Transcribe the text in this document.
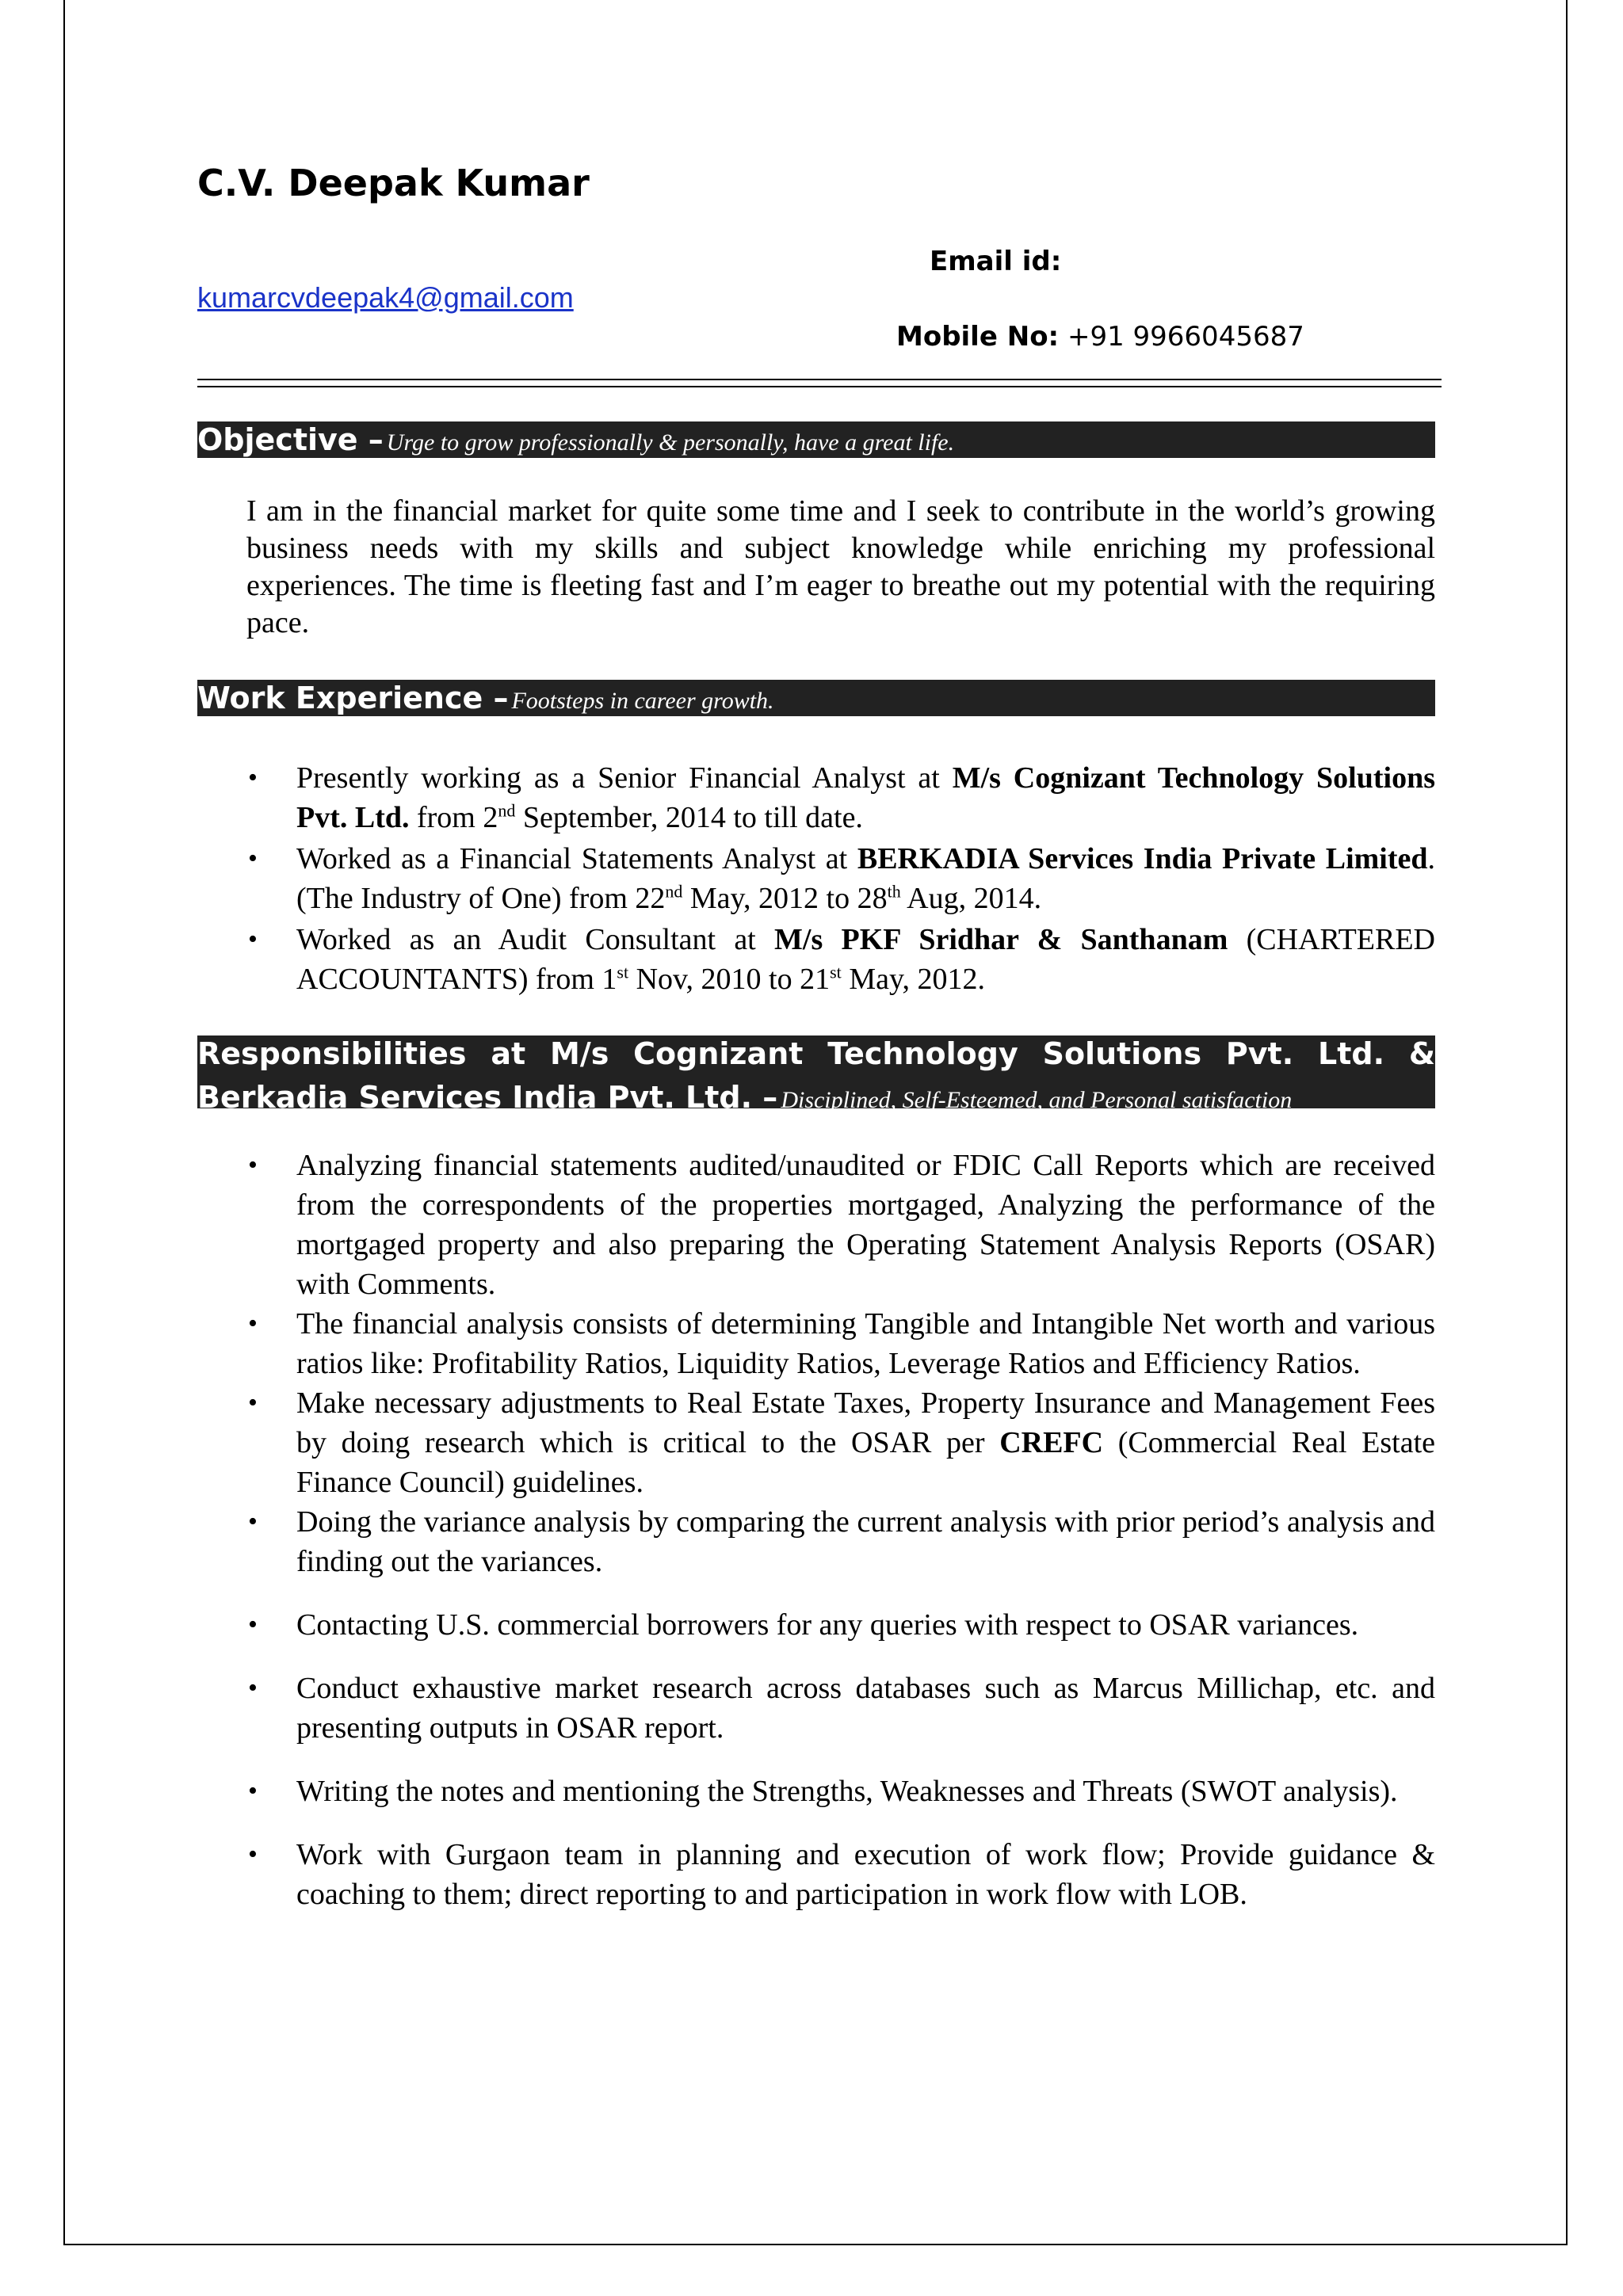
C.V. Deepak Kumar
Email id:
kumarcvdeepak4@gmail.com
Mobile No: +91 9966045687
Objective – Urge to grow professionally & personally, have a great life.
I am in the financial market for quite some time and I seek to contribute in the world’s growing business needs with my skills and subject knowledge while enriching my professional experiences. The time is fleeting fast and I’m eager to breathe out my potential with the requiring pace.
Work Experience – Footsteps in career growth.
• Presently working as a Senior Financial Analyst at M/s Cognizant Technology Solutions Pvt. Ltd. from 2nd September, 2014 to till date.
• Worked as a Financial Statements Analyst at BERKADIA Services India Private Limited. (The Industry of One) from 22nd May, 2012 to 28th Aug, 2014.
• Worked as an Audit Consultant at M/s PKF Sridhar & Santhanam (CHARTERED ACCOUNTANTS) from 1st Nov, 2010 to 21st May, 2012.
Responsibilities at M/s Cognizant Technology Solutions Pvt. Ltd. & Berkadia Services India Pvt. Ltd. – Disciplined, Self-Esteemed, and Personal satisfaction
• Analyzing financial statements audited/unaudited or FDIC Call Reports which are received from the correspondents of the properties mortgaged, Analyzing the performance of the mortgaged property and also preparing the Operating Statement Analysis Reports (OSAR) with Comments.
• The financial analysis consists of determining Tangible and Intangible Net worth and various ratios like: Profitability Ratios, Liquidity Ratios, Leverage Ratios and Efficiency Ratios.
• Make necessary adjustments to Real Estate Taxes, Property Insurance and Management Fees by doing research which is critical to the OSAR per CREFC (Commercial Real Estate Finance Council) guidelines.
• Doing the variance analysis by comparing the current analysis with prior period’s analysis and finding out the variances.
• Contacting U.S. commercial borrowers for any queries with respect to OSAR variances.
• Conduct exhaustive market research across databases such as Marcus Millichap, etc. and presenting outputs in OSAR report.
• Writing the notes and mentioning the Strengths, Weaknesses and Threats (SWOT analysis).
• Work with Gurgaon team in planning and execution of work flow; Provide guidance & coaching to them; direct reporting to and participation in work flow with LOB.
